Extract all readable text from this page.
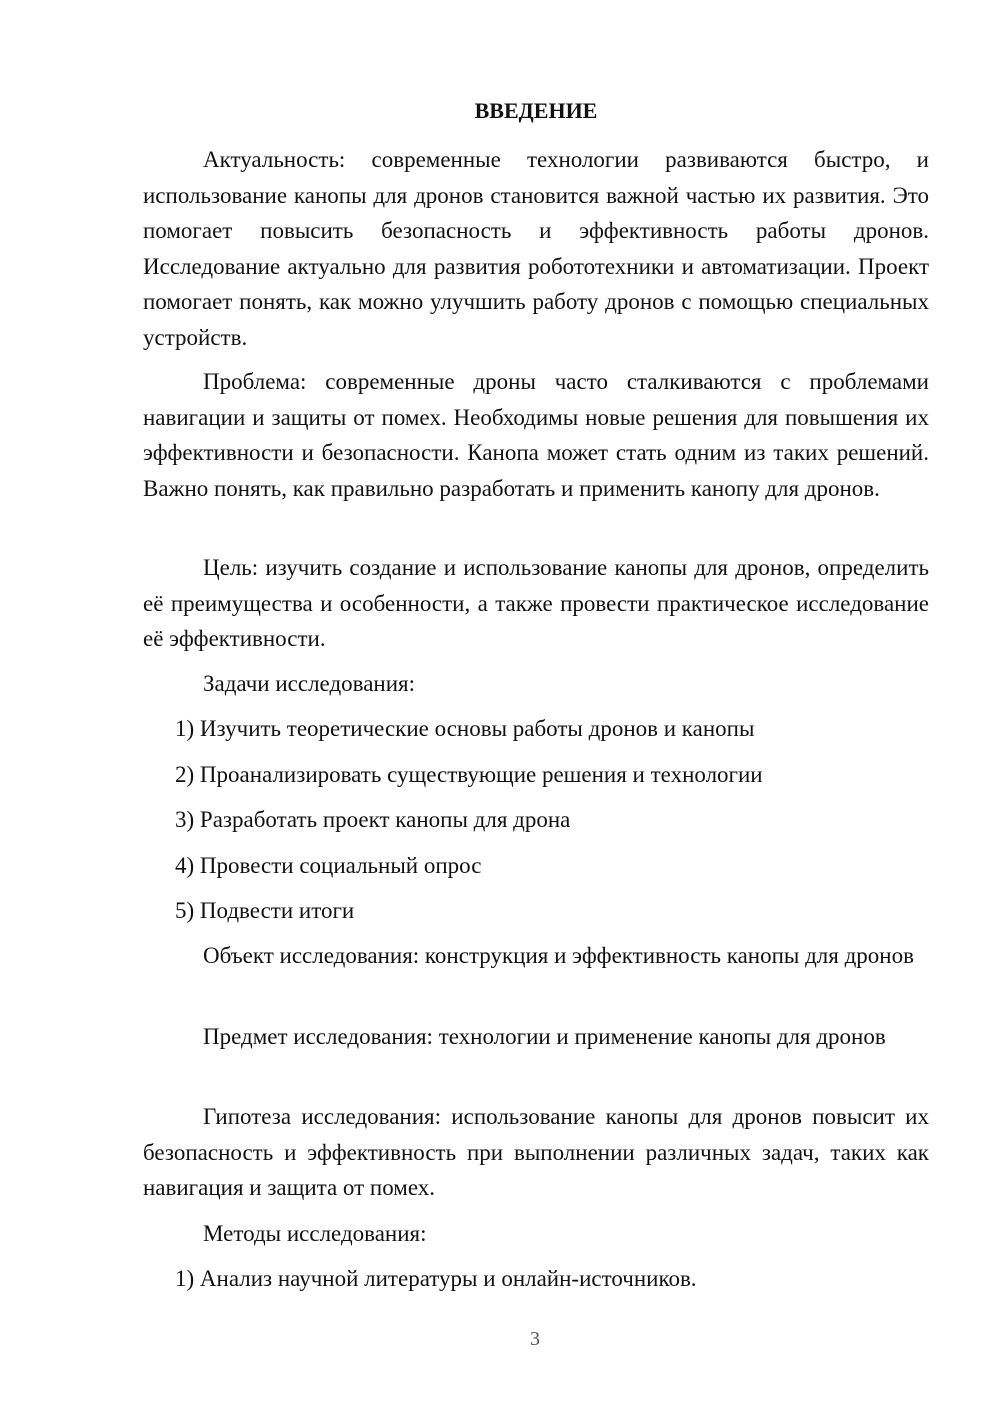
ВВЕДЕНИЕ

Актуальность: современные технологии развиваются быстро, и использование канопы для дронов становится важной частью их развития. Это помогает повысить безопасность и эффективность работы дронов. Исследование актуально для развития робототехники и автоматизации. Проект помогает понять, как можно улучшить работу дронов с помощью специальных устройств.

Проблема: современные дроны часто сталкиваются с проблемами навигации и защиты от помех. Необходимы новые решения для повышения их эффективности и безопасности. Канопа может стать одним из таких решений. Важно понять, как правильно разработать и применить канопу для дронов.

Цель: изучить создание и использование канопы для дронов, определить её преимущества и особенности, а также провести практическое исследование её эффективности.

Задачи исследования:

1) Изучить теоретические основы работы дронов и канопы

2) Проанализировать существующие решения и технологии

3) Разработать проект канопы для дрона

4) Провести социальный опрос

5) Подвести итоги

Объект исследования: конструкция и эффективность канопы для дронов

Предмет исследования: технологии и применение канопы для дронов

Гипотеза исследования: использование канопы для дронов повысит их безопасность и эффективность при выполнении различных задач, таких как навигация и защита от помех.

Методы исследования:

1) Анализ научной литературы и онлайн-источников.

3
